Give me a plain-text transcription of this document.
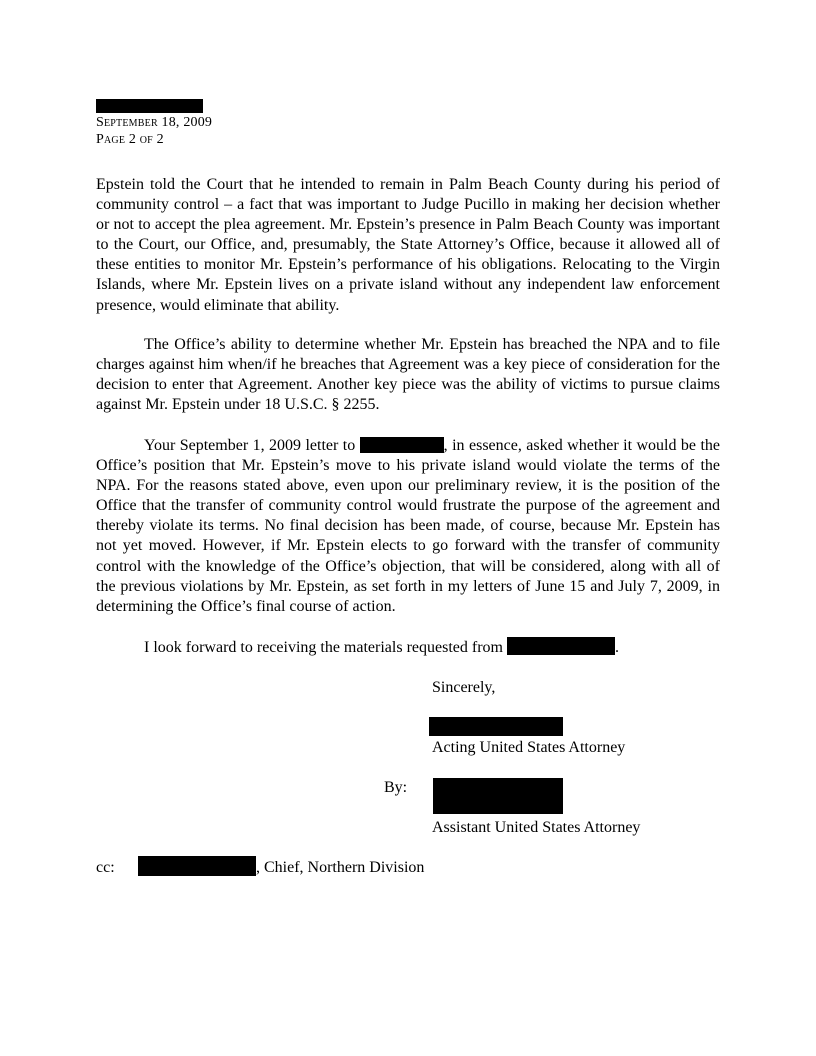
September 18, 2009
Page 2 of 2
Epstein told the Court that he intended to remain in Palm Beach County during his period of community control – a fact that was important to Judge Pucillo in making her decision whether or not to accept the plea agreement. Mr. Epstein’s presence in Palm Beach County was important to the Court, our Office, and, presumably, the State Attorney’s Office, because it allowed all of these entities to monitor Mr. Epstein’s performance of his obligations. Relocating to the Virgin Islands, where Mr. Epstein lives on a private island without any independent law enforcement presence, would eliminate that ability.
The Office’s ability to determine whether Mr. Epstein has breached the NPA and to file charges against him when/if he breaches that Agreement was a key piece of consideration for the decision to enter that Agreement. Another key piece was the ability of victims to pursue claims against Mr. Epstein under 18 U.S.C. § 2255.
Your September 1, 2009 letter to	, in essence, asked whether it would be the Office’s position that Mr. Epstein’s move to his private island would violate the terms of the NPA. For the reasons stated above, even upon our preliminary review, it is the position of the Office that the transfer of community control would frustrate the purpose of the agreement and thereby violate its terms. No final decision has been made, of course, because Mr. Epstein has not yet moved. However, if Mr. Epstein elects to go forward with the transfer of community control with the knowledge of the Office’s objection, that will be considered, along with all of the previous violations by Mr. Epstein, as set forth in my letters of June 15 and July 7, 2009, in determining the Office’s final course of action.
I look forward to receiving the materials requested from	.
Sincerely,
Acting United States Attorney
By:
Assistant United States Attorney
cc:	, Chief, Northern Division
